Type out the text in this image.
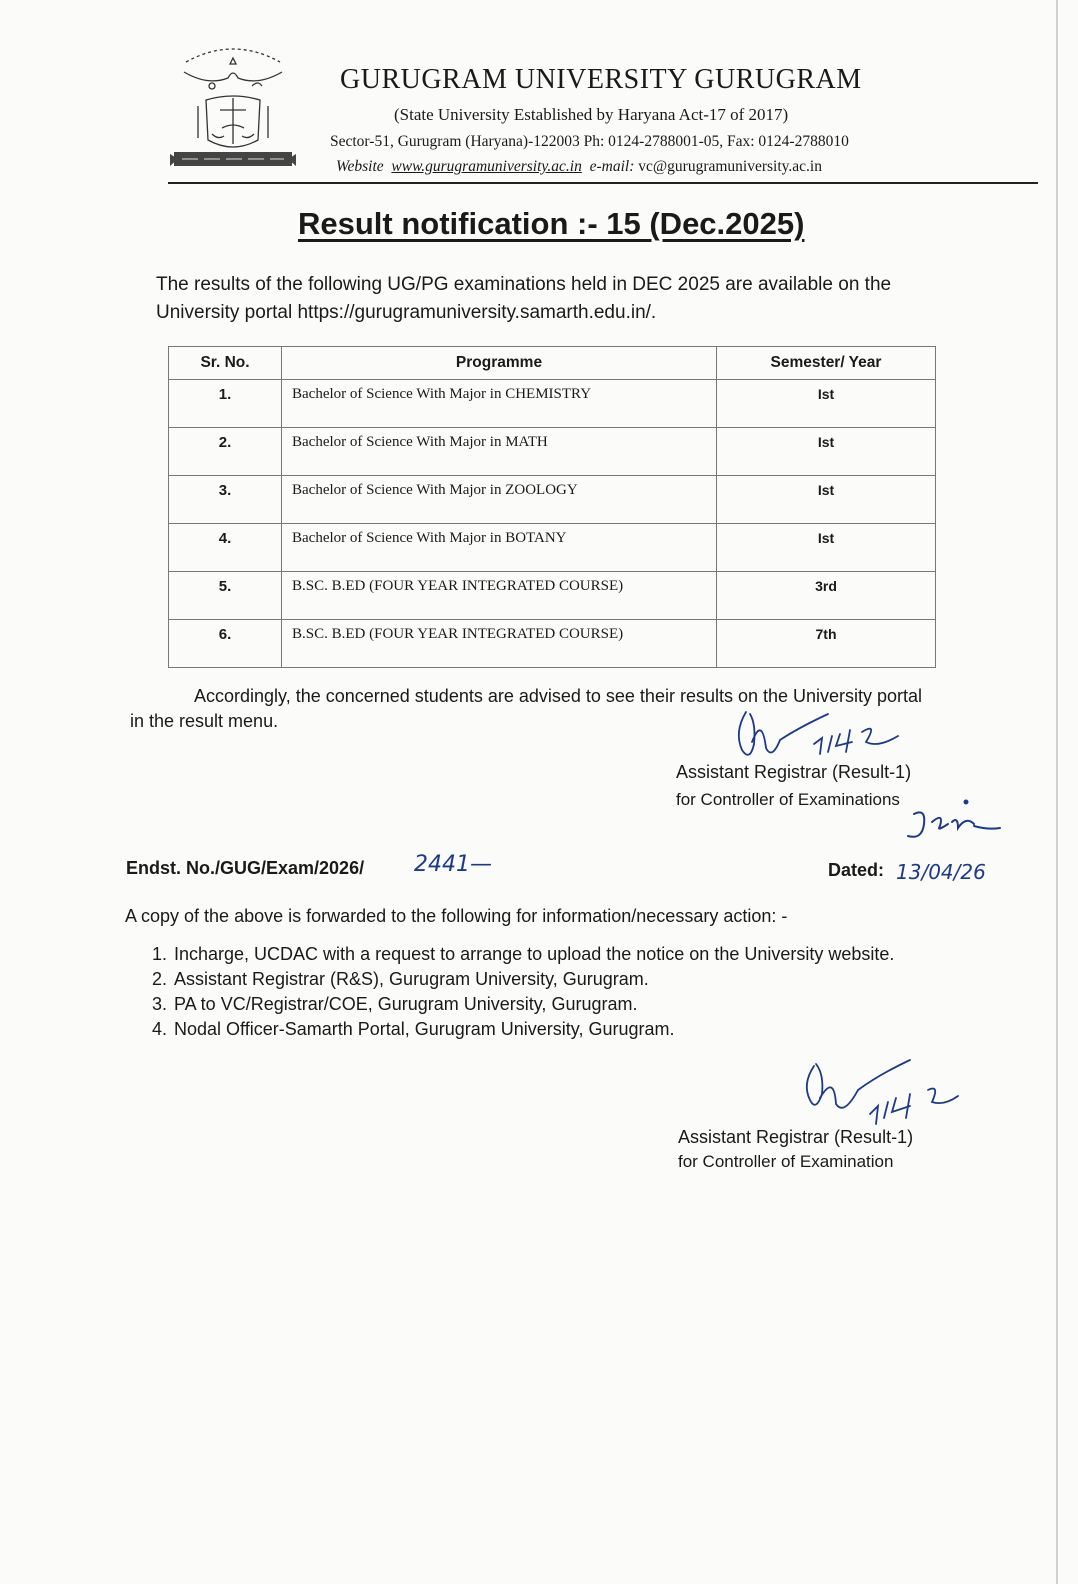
GURUGRAM UNIVERSITY GURUGRAM
(State University Established by Haryana Act-17 of 2017)
Sector-51, Gurugram (Haryana)-122003 Ph: 0124-2788001-05, Fax: 0124-2788010
Website www.gurugramuniversity.ac.in e-mail: vc@gurugramuniversity.ac.in
Result notification :- 15 (Dec.2025)
The results of the following UG/PG examinations held in DEC 2025 are available on the University portal https://gurugramuniversity.samarth.edu.in/.
Sr. No.	Programme	Semester/ Year
1.	Bachelor of Science With Major in CHEMISTRY	Ist
2.	Bachelor of Science With Major in MATH	Ist
3.	Bachelor of Science With Major in ZOOLOGY	Ist
4.	Bachelor of Science With Major in BOTANY	Ist
5.	B.SC. B.ED (FOUR YEAR INTEGRATED COURSE)	3rd
6.	B.SC. B.ED (FOUR YEAR INTEGRATED COURSE)	7th
Accordingly, the concerned students are advised to see their results on the University portal in the result menu.
Assistant Registrar (Result-1)
for Controller of Examinations
Endst. No./GUG/Exam/2026/ 2441—	Dated: 13/04/26
A copy of the above is forwarded to the following for information/necessary action: -
1. Incharge, UCDAC with a request to arrange to upload the notice on the University website.
2. Assistant Registrar (R&S), Gurugram University, Gurugram.
3. PA to VC/Registrar/COE, Gurugram University, Gurugram.
4. Nodal Officer-Samarth Portal, Gurugram University, Gurugram.
Assistant Registrar (Result-1)
for Controller of Examination
